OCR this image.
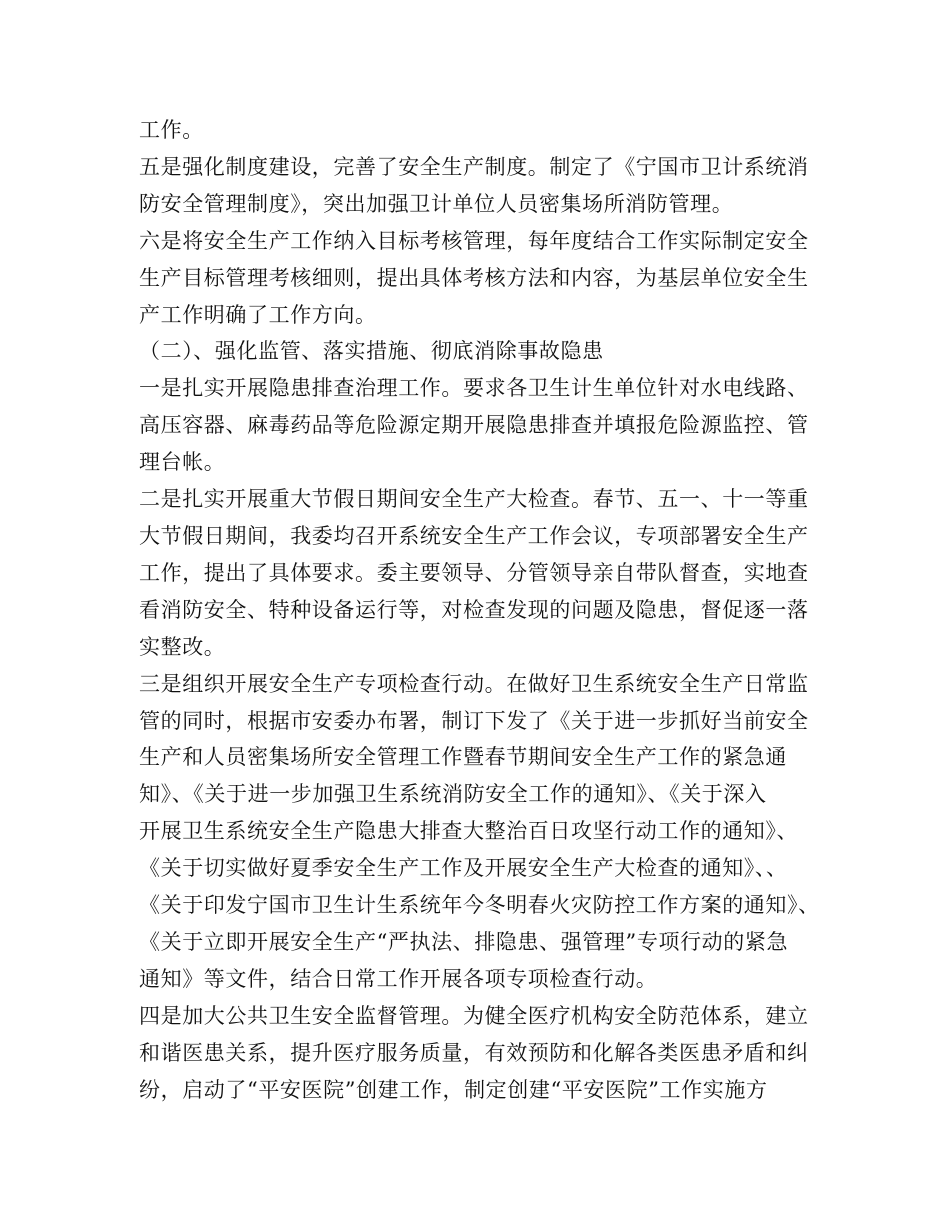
工作。
五是强化制度建设，完善了安全生产制度。制定了《宁国市卫计系统消
防安全管理制度》，突出加强卫计单位人员密集场所消防管理。
六是将安全生产工作纳入目标考核管理，每年度结合工作实际制定安全
生产目标管理考核细则，提出具体考核方法和内容，为基层单位安全生
产工作明确了工作方向。
（二）、强化监管、落实措施、彻底消除事故隐患
一是扎实开展隐患排查治理工作。要求各卫生计生单位针对水电线路、
高压容器、麻毒药品等危险源定期开展隐患排查并填报危险源监控、管
理台帐。
二是扎实开展重大节假日期间安全生产大检查。春节、五一、十一等重
大节假日期间，我委均召开系统安全生产工作会议，专项部署安全生产
工作，提出了具体要求。委主要领导、分管领导亲自带队督查，实地查
看消防安全、特种设备运行等，对检查发现的问题及隐患，督促逐一落
实整改。
三是组织开展安全生产专项检查行动。在做好卫生系统安全生产日常监
管的同时，根据市安委办布署，制订下发了《关于进一步抓好当前安全
生产和人员密集场所安全管理工作暨春节期间安全生产工作的紧急通
知》、《关于进一步加强卫生系统消防安全工作的通知》、《关于深入
开展卫生系统安全生产隐患大排查大整治百日攻坚行动工作的通知》、
《关于切实做好夏季安全生产工作及开展安全生产大检查的通知》、、
《关于印发宁国市卫生计生系统年今冬明春火灾防控工作方案的通知》、
《关于立即开展安全生产“严执法、排隐患、强管理”专项行动的紧急
通知》等文件，结合日常工作开展各项专项检查行动。
四是加大公共卫生安全监督管理。为健全医疗机构安全防范体系，建立
和谐医患关系，提升医疗服务质量，有效预防和化解各类医患矛盾和纠
纷，启动了“平安医院”创建工作，制定创建“平安医院”工作实施方
